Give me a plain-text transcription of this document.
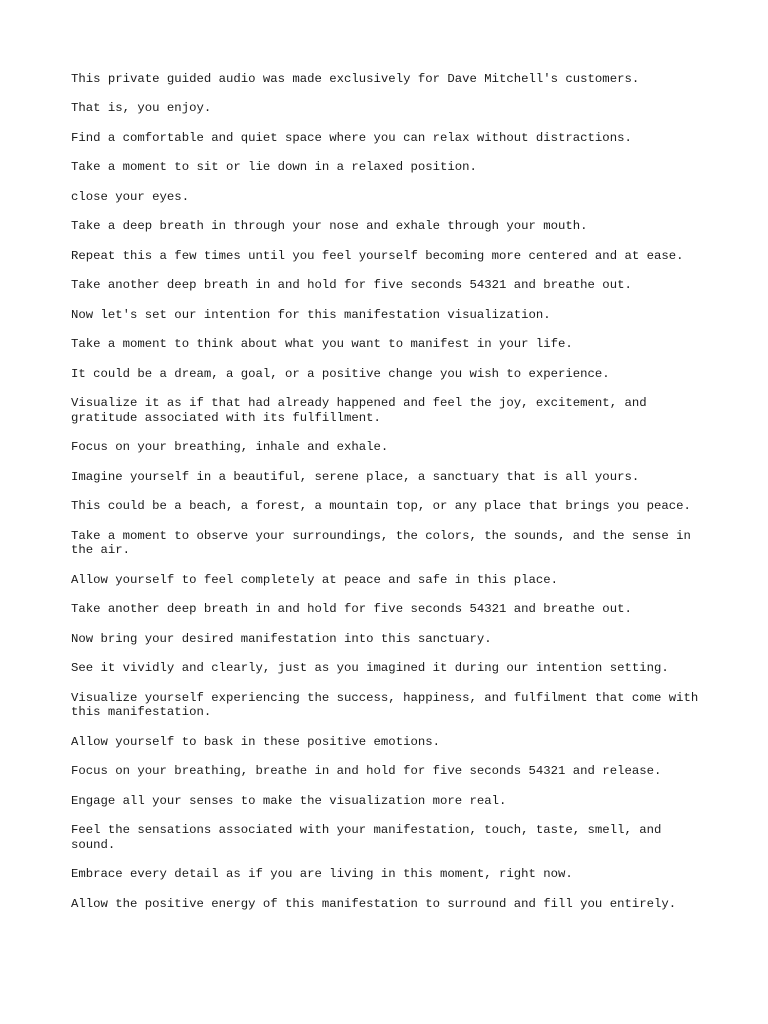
This private guided audio was made exclusively for Dave Mitchell's customers.

That is, you enjoy.

Find a comfortable and quiet space where you can relax without distractions.

Take a moment to sit or lie down in a relaxed position.

close your eyes.

Take a deep breath in through your nose and exhale through your mouth.

Repeat this a few times until you feel yourself becoming more centered and at ease.

Take another deep breath in and hold for five seconds 54321 and breathe out.

Now let's set our intention for this manifestation visualization.

Take a moment to think about what you want to manifest in your life.

It could be a dream, a goal, or a positive change you wish to experience.

Visualize it as if that had already happened and feel the joy, excitement, and gratitude associated with its fulfillment.

Focus on your breathing, inhale and exhale.

Imagine yourself in a beautiful, serene place, a sanctuary that is all yours.

This could be a beach, a forest, a mountain top, or any place that brings you peace.

Take a moment to observe your surroundings, the colors, the sounds, and the sense in the air.

Allow yourself to feel completely at peace and safe in this place.

Take another deep breath in and hold for five seconds 54321 and breathe out.

Now bring your desired manifestation into this sanctuary.

See it vividly and clearly, just as you imagined it during our intention setting.

Visualize yourself experiencing the success, happiness, and fulfilment that come with this manifestation.

Allow yourself to bask in these positive emotions.

Focus on your breathing, breathe in and hold for five seconds 54321 and release.

Engage all your senses to make the visualization more real.

Feel the sensations associated with your manifestation, touch, taste, smell, and sound.

Embrace every detail as if you are living in this moment, right now.

Allow the positive energy of this manifestation to surround and fill you entirely.
